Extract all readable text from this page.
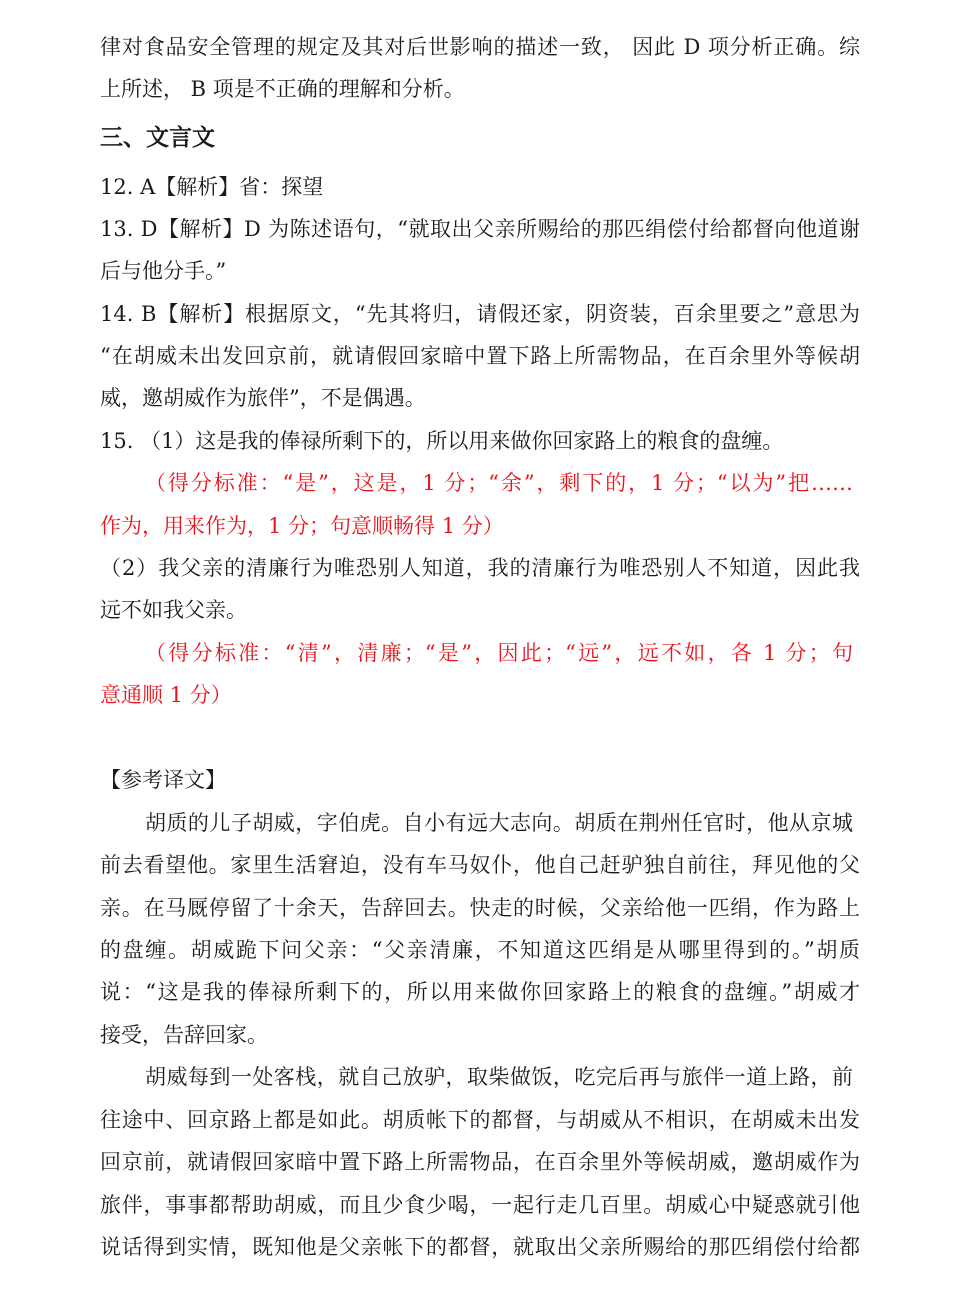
律对食品安全管理的规定及其对后世影响的描述一致， 因此 D 项分析正确。综
上所述， B 项是不正确的理解和分析。
三、文言文
12. A【解析】省：探望
13. D【解析】D 为陈述语句，“就取出父亲所赐给的那匹绢偿付给都督向他道谢
后与他分手。”
14. B【解析】根据原文，“先其将归，请假还家，阴资装，百余里要之”意思为
“在胡威未出发回京前，就请假回家暗中置下路上所需物品，在百余里外等候胡
威，邀胡威作为旅伴”，不是偶遇。
15. （1）这是我的俸禄所剩下的，所以用来做你回家路上的粮食的盘缠。
（得分标准：“是”，这是，1 分；“余”，剩下的，1 分；“以为”把……
作为，用来作为，1 分；句意顺畅得 1 分）
（2）我父亲的清廉行为唯恐别人知道，我的清廉行为唯恐别人不知道，因此我
远不如我父亲。
（得分标准：“清”，清廉；“是”，因此；“远”，远不如，各 1 分；句
意通顺 1 分）
【参考译文】
胡质的儿子胡威，字伯虎。自小有远大志向。胡质在荆州任官时，他从京城
前去看望他。家里生活窘迫，没有车马奴仆，他自己赶驴独自前往，拜见他的父
亲。在马厩停留了十余天，告辞回去。快走的时候，父亲给他一匹绢，作为路上
的盘缠。胡威跪下问父亲：“父亲清廉，不知道这匹绢是从哪里得到的。”胡质
说：“这是我的俸禄所剩下的，所以用来做你回家路上的粮食的盘缠。”胡威才
接受，告辞回家。
胡威每到一处客栈，就自己放驴，取柴做饭，吃完后再与旅伴一道上路，前
往途中、回京路上都是如此。胡质帐下的都督，与胡威从不相识，在胡威未出发
回京前，就请假回家暗中置下路上所需物品，在百余里外等候胡威，邀胡威作为
旅伴，事事都帮助胡威，而且少食少喝，一起行走几百里。胡威心中疑惑就引他
说话得到实情，既知他是父亲帐下的都督，就取出父亲所赐给的那匹绢偿付给都
